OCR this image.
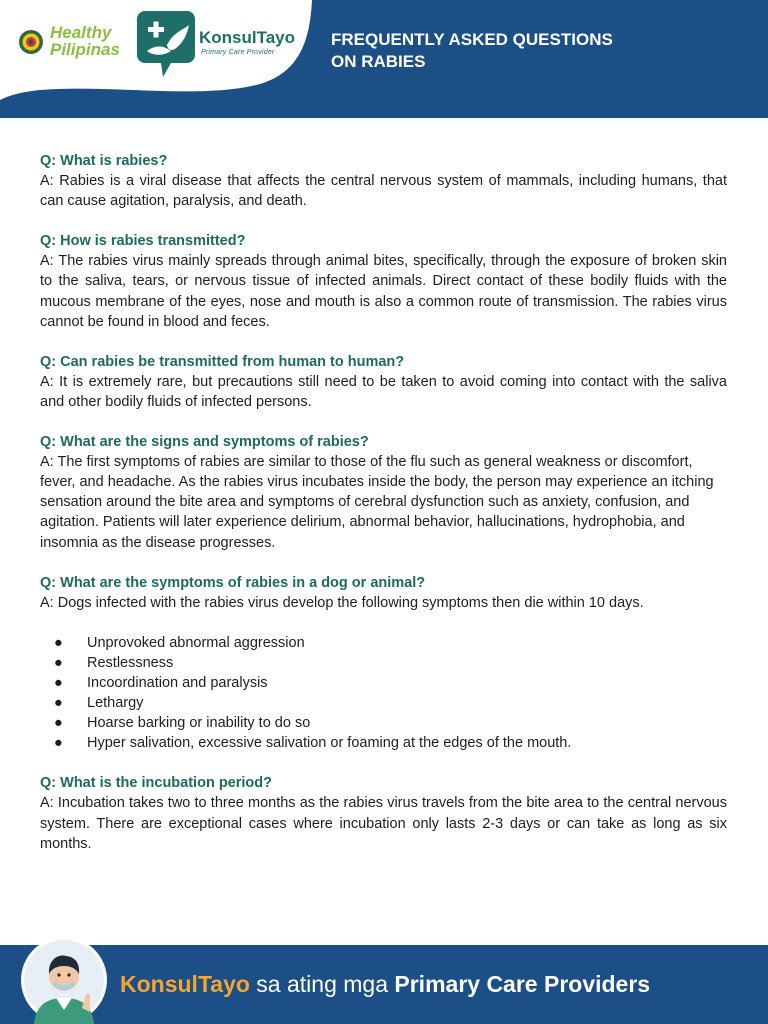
Healthy
Pilipinas
KonsulTayo
Primary Care Provider
FREQUENTLY ASKED QUESTIONS
ON RABIES
Q: What is rabies?
A: Rabies is a viral disease that affects the central nervous system of mammals, including humans, that can cause agitation, paralysis, and death.
Q: How is rabies transmitted?
A: The rabies virus mainly spreads through animal bites, specifically, through the exposure of broken skin to the saliva, tears, or nervous tissue of infected animals. Direct contact of these bodily fluids with the mucous membrane of the eyes, nose and mouth is also a common route of transmission. The rabies virus cannot be found in blood and feces.
Q: Can rabies be transmitted from human to human?
A: It is extremely rare, but precautions still need to be taken to avoid coming into contact with the saliva and other bodily fluids of infected persons.
Q: What are the signs and symptoms of rabies?
A: The first symptoms of rabies are similar to those of the flu such as general weakness or discomfort, fever, and headache. As the rabies virus incubates inside the body, the person may experience an itching sensation around the bite area and symptoms of cerebral dysfunction such as anxiety, confusion, and agitation. Patients will later experience delirium, abnormal behavior, hallucinations, hydrophobia, and insomnia as the disease progresses.
Q: What are the symptoms of rabies in a dog or animal?
A: Dogs infected with the rabies virus develop the following symptoms then die within 10 days.
● Unprovoked abnormal aggression
● Restlessness
● Incoordination and paralysis
● Lethargy
● Hoarse barking or inability to do so
● Hyper salivation, excessive salivation or foaming at the edges of the mouth.
Q: What is the incubation period?
A: Incubation takes two to three months as the rabies virus travels from the bite area to the central nervous system. There are exceptional cases where incubation only lasts 2-3 days or can take as long as six months.
KonsulTayo sa ating mga Primary Care Providers
